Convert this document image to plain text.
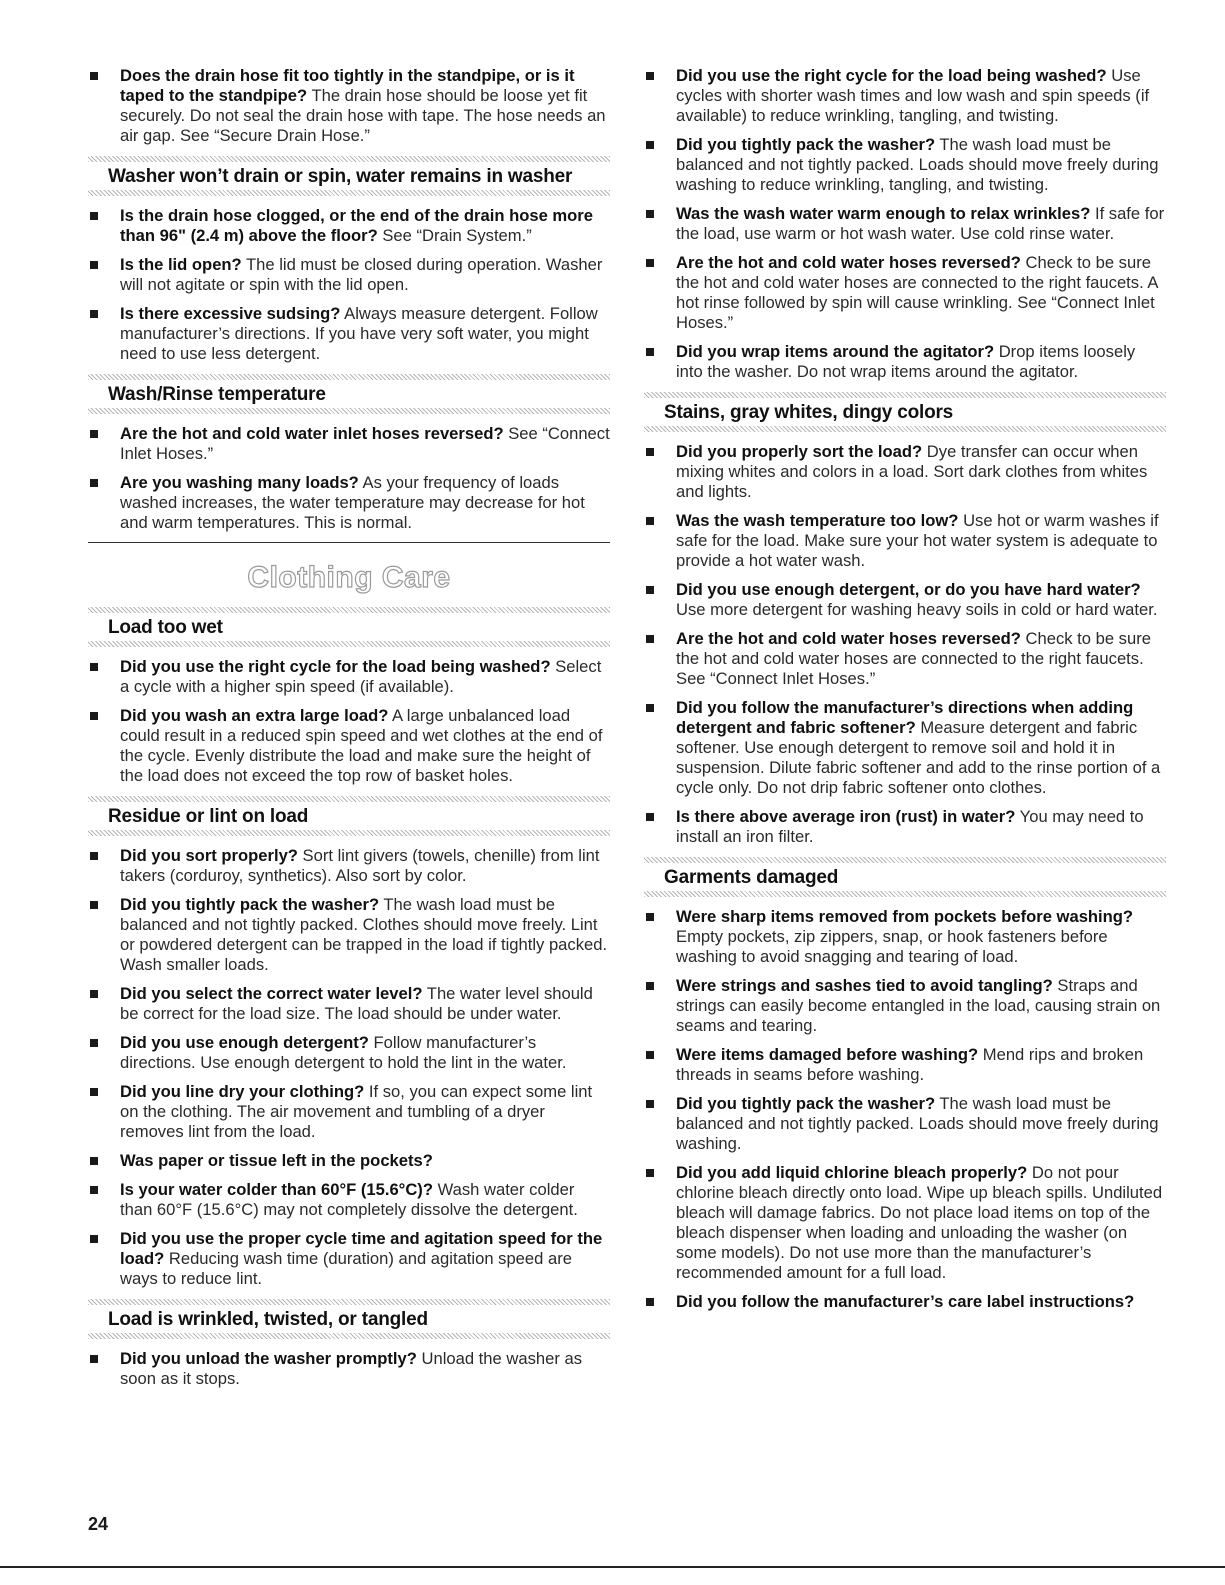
Does the drain hose fit too tightly in the standpipe, or is it taped to the standpipe? The drain hose should be loose yet fit securely. Do not seal the drain hose with tape. The hose needs an air gap. See “Secure Drain Hose.”
Washer won’t drain or spin, water remains in washer
Is the drain hose clogged, or the end of the drain hose more than 96" (2.4 m) above the floor? See “Drain System.”
Is the lid open? The lid must be closed during operation. Washer will not agitate or spin with the lid open.
Is there excessive sudsing? Always measure detergent. Follow manufacturer’s directions. If you have very soft water, you might need to use less detergent.
Wash/Rinse temperature
Are the hot and cold water inlet hoses reversed? See “Connect Inlet Hoses.”
Are you washing many loads? As your frequency of loads washed increases, the water temperature may decrease for hot and warm temperatures. This is normal.
Clothing Care
Load too wet
Did you use the right cycle for the load being washed? Select a cycle with a higher spin speed (if available).
Did you wash an extra large load? A large unbalanced load could result in a reduced spin speed and wet clothes at the end of the cycle. Evenly distribute the load and make sure the height of the load does not exceed the top row of basket holes.
Residue or lint on load
Did you sort properly? Sort lint givers (towels, chenille) from lint takers (corduroy, synthetics). Also sort by color.
Did you tightly pack the washer? The wash load must be balanced and not tightly packed. Clothes should move freely. Lint or powdered detergent can be trapped in the load if tightly packed. Wash smaller loads.
Did you select the correct water level? The water level should be correct for the load size. The load should be under water.
Did you use enough detergent? Follow manufacturer’s directions. Use enough detergent to hold the lint in the water.
Did you line dry your clothing? If so, you can expect some lint on the clothing. The air movement and tumbling of a dryer removes lint from the load.
Was paper or tissue left in the pockets?
Is your water colder than 60°F (15.6°C)? Wash water colder than 60°F (15.6°C) may not completely dissolve the detergent.
Did you use the proper cycle time and agitation speed for the load? Reducing wash time (duration) and agitation speed are ways to reduce lint.
Load is wrinkled, twisted, or tangled
Did you unload the washer promptly? Unload the washer as soon as it stops.
Did you use the right cycle for the load being washed? Use cycles with shorter wash times and low wash and spin speeds (if available) to reduce wrinkling, tangling, and twisting.
Did you tightly pack the washer? The wash load must be balanced and not tightly packed. Loads should move freely during washing to reduce wrinkling, tangling, and twisting.
Was the wash water warm enough to relax wrinkles? If safe for the load, use warm or hot wash water. Use cold rinse water.
Are the hot and cold water hoses reversed? Check to be sure the hot and cold water hoses are connected to the right faucets. A hot rinse followed by spin will cause wrinkling. See “Connect Inlet Hoses.”
Did you wrap items around the agitator? Drop items loosely into the washer. Do not wrap items around the agitator.
Stains, gray whites, dingy colors
Did you properly sort the load? Dye transfer can occur when mixing whites and colors in a load. Sort dark clothes from whites and lights.
Was the wash temperature too low? Use hot or warm washes if safe for the load. Make sure your hot water system is adequate to provide a hot water wash.
Did you use enough detergent, or do you have hard water? Use more detergent for washing heavy soils in cold or hard water.
Are the hot and cold water hoses reversed? Check to be sure the hot and cold water hoses are connected to the right faucets. See “Connect Inlet Hoses.”
Did you follow the manufacturer’s directions when adding detergent and fabric softener? Measure detergent and fabric softener. Use enough detergent to remove soil and hold it in suspension. Dilute fabric softener and add to the rinse portion of a cycle only. Do not drip fabric softener onto clothes.
Is there above average iron (rust) in water? You may need to install an iron filter.
Garments damaged
Were sharp items removed from pockets before washing? Empty pockets, zip zippers, snap, or hook fasteners before washing to avoid snagging and tearing of load.
Were strings and sashes tied to avoid tangling? Straps and strings can easily become entangled in the load, causing strain on seams and tearing.
Were items damaged before washing? Mend rips and broken threads in seams before washing.
Did you tightly pack the washer? The wash load must be balanced and not tightly packed. Loads should move freely during washing.
Did you add liquid chlorine bleach properly? Do not pour chlorine bleach directly onto load. Wipe up bleach spills. Undiluted bleach will damage fabrics. Do not place load items on top of the bleach dispenser when loading and unloading the washer (on some models). Do not use more than the manufacturer’s recommended amount for a full load.
Did you follow the manufacturer’s care label instructions?
24
